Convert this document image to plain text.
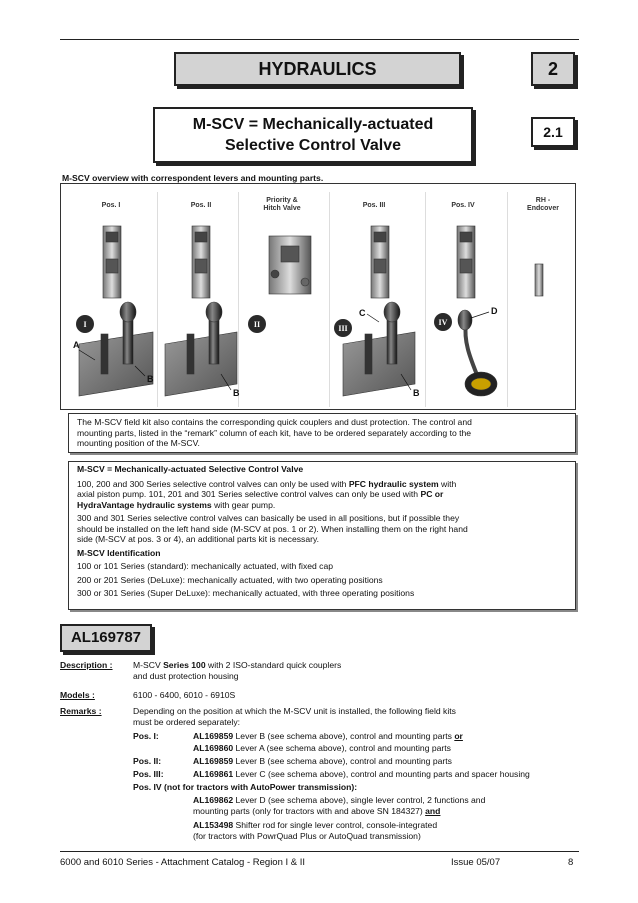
HYDRAULICS	2
M-SCV = Mechanically-actuated
Selective Control Valve
2.1
M-SCV overview with correspondent levers and mounting parts.
Pos. I	Pos. II
Priority &
Hitch Valve	Pos. III	Pos. IV
RH -
Endcover
I	II	III
IV
A
B
B
C
B
D
The M-SCV field kit also contains the corresponding quick couplers and dust protection. The control and
mounting parts, listed in the “remark” column of each kit, have to be ordered separately according to the
mounting position of the M-SCV.

M-SCV = Mechanically-actuated Selective Control Valve

100, 200 and 300 Series selective control valves can only be used with PFC hydraulic system with
axial piston pump. 101, 201 and 301 Series selective control valves can only be used with PC or
HydraVantage hydraulic systems with gear pump.

300 and 301 Series selective control valves can basically be used in all positions, but if possible they
should be installed on the left hand side (M-SCV at pos. 1 or 2). When installing them on the right hand
side (M-SCV at pos. 3 or 4), an additional parts kit is necessary.

M-SCV Identification

100 or 101 Series (standard): mechanically actuated, with fixed cap

200 or 201 Series (DeLuxe): mechanically actuated, with two operating positions

300 or 301 Series (Super DeLuxe): mechanically actuated, with three operating positions

AL169787
Description : M-SCV Series 100 with 2 ISO-standard quick couplers
and dust protection housing
Models :	6100 - 6400, 6010 - 6910S
Remarks :	Depending on the position at which the M-SCV unit is installed, the following field kits
must be ordered separately:
Pos. I:	AL169859 Lever B (see schema above), control and mounting parts or
AL169860 Lever A (see schema above), control and mounting parts
Pos. II:	AL169859 Lever B (see schema above), control and mounting parts
Pos. III:	AL169861 Lever C (see schema above), control and mounting parts and spacer housing
Pos. IV (not for tractors with AutoPower transmission):
AL169862 Lever D (see schema above), single lever control, 2 functions and
mounting parts (only for tractors with and above SN 184327) and
AL153498 Shifter rod for single lever control, console-integrated
(for tractors with PowrQuad Plus or AutoQuad transmission)
6000 and 6010 Series - Attachment Catalog - Region I & II	Issue 05/07	8
